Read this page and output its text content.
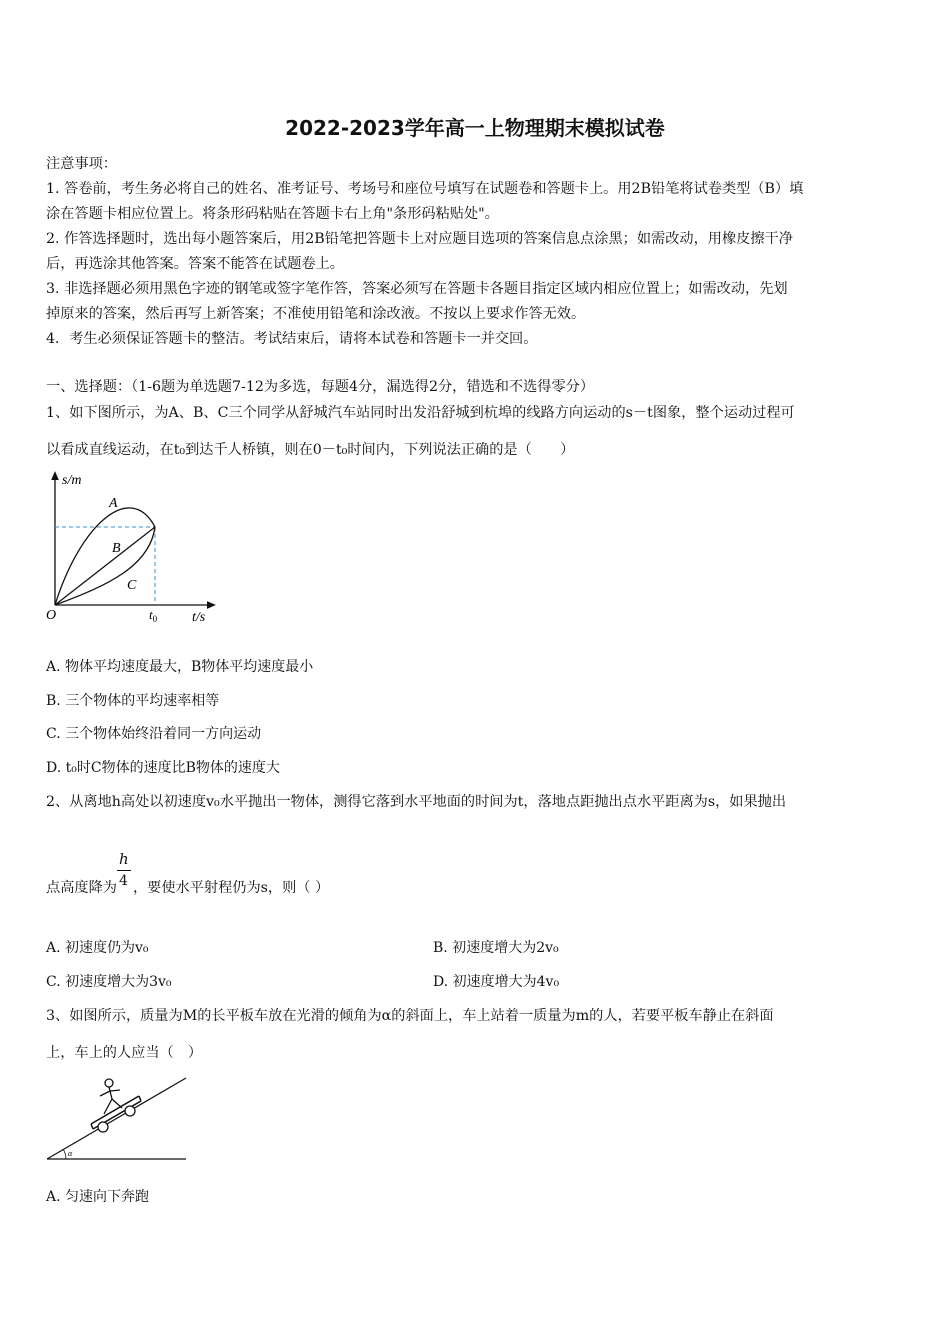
2022-2023学年高一上物理期末模拟试卷
注意事项：
1. 答卷前，考生务必将自己的姓名、准考证号、考场号和座位号填写在试题卷和答题卡上。用2B铅笔将试卷类型（B）填
涂在答题卡相应位置上。将条形码粘贴在答题卡右上角"条形码粘贴处"。
2. 作答选择题时，选出每小题答案后，用2B铅笔把答题卡上对应题目选项的答案信息点涂黑；如需改动，用橡皮擦干净
后，再选涂其他答案。答案不能答在试题卷上。
3. 非选择题必须用黑色字迹的钢笔或签字笔作答，答案必须写在答题卡各题目指定区域内相应位置上；如需改动，先划
掉原来的答案，然后再写上新答案；不准使用铅笔和涂改液。不按以上要求作答无效。
4．考生必须保证答题卡的整洁。考试结束后，请将本试卷和答题卡一并交回。
一、选择题：（1-6题为单选题7-12为多选，每题4分，漏选得2分，错选和不选得零分）
1、如下图所示，为A、B、C三个同学从舒城汽车站同时出发沿舒城到杭埠的线路方向运动的s－t图象，整个运动过程可
以看成直线运动，在t₀到达千人桥镇，则在0－t₀时间内，下列说法正确的是（　　）
s/m
t/s
O	$t_0$
A
B
C
A. 物体平均速度最大，B物体平均速度最小
B. 三个物体的平均速率相等
C. 三个物体始终沿着同一方向运动
D. t₀时C物体的速度比B物体的速度大
2、从离地h高处以初速度v₀水平抛出一物体，测得它落到水平地面的时间为t，落地点距抛出点水平距离为s，如果抛出
点高度降为 $\frac{h}{4}$ ，要使水平射程仍为s，则（ ）
A. 初速度仍为v₀	B. 初速度增大为2v₀
C. 初速度增大为3v₀	D. 初速度增大为4v₀
3、如图所示，质量为M的长平板车放在光滑的倾角为α的斜面上，车上站着一质量为m的人，若要平板车静止在斜面
上，车上的人应当（　）
α
A. 匀速向下奔跑
